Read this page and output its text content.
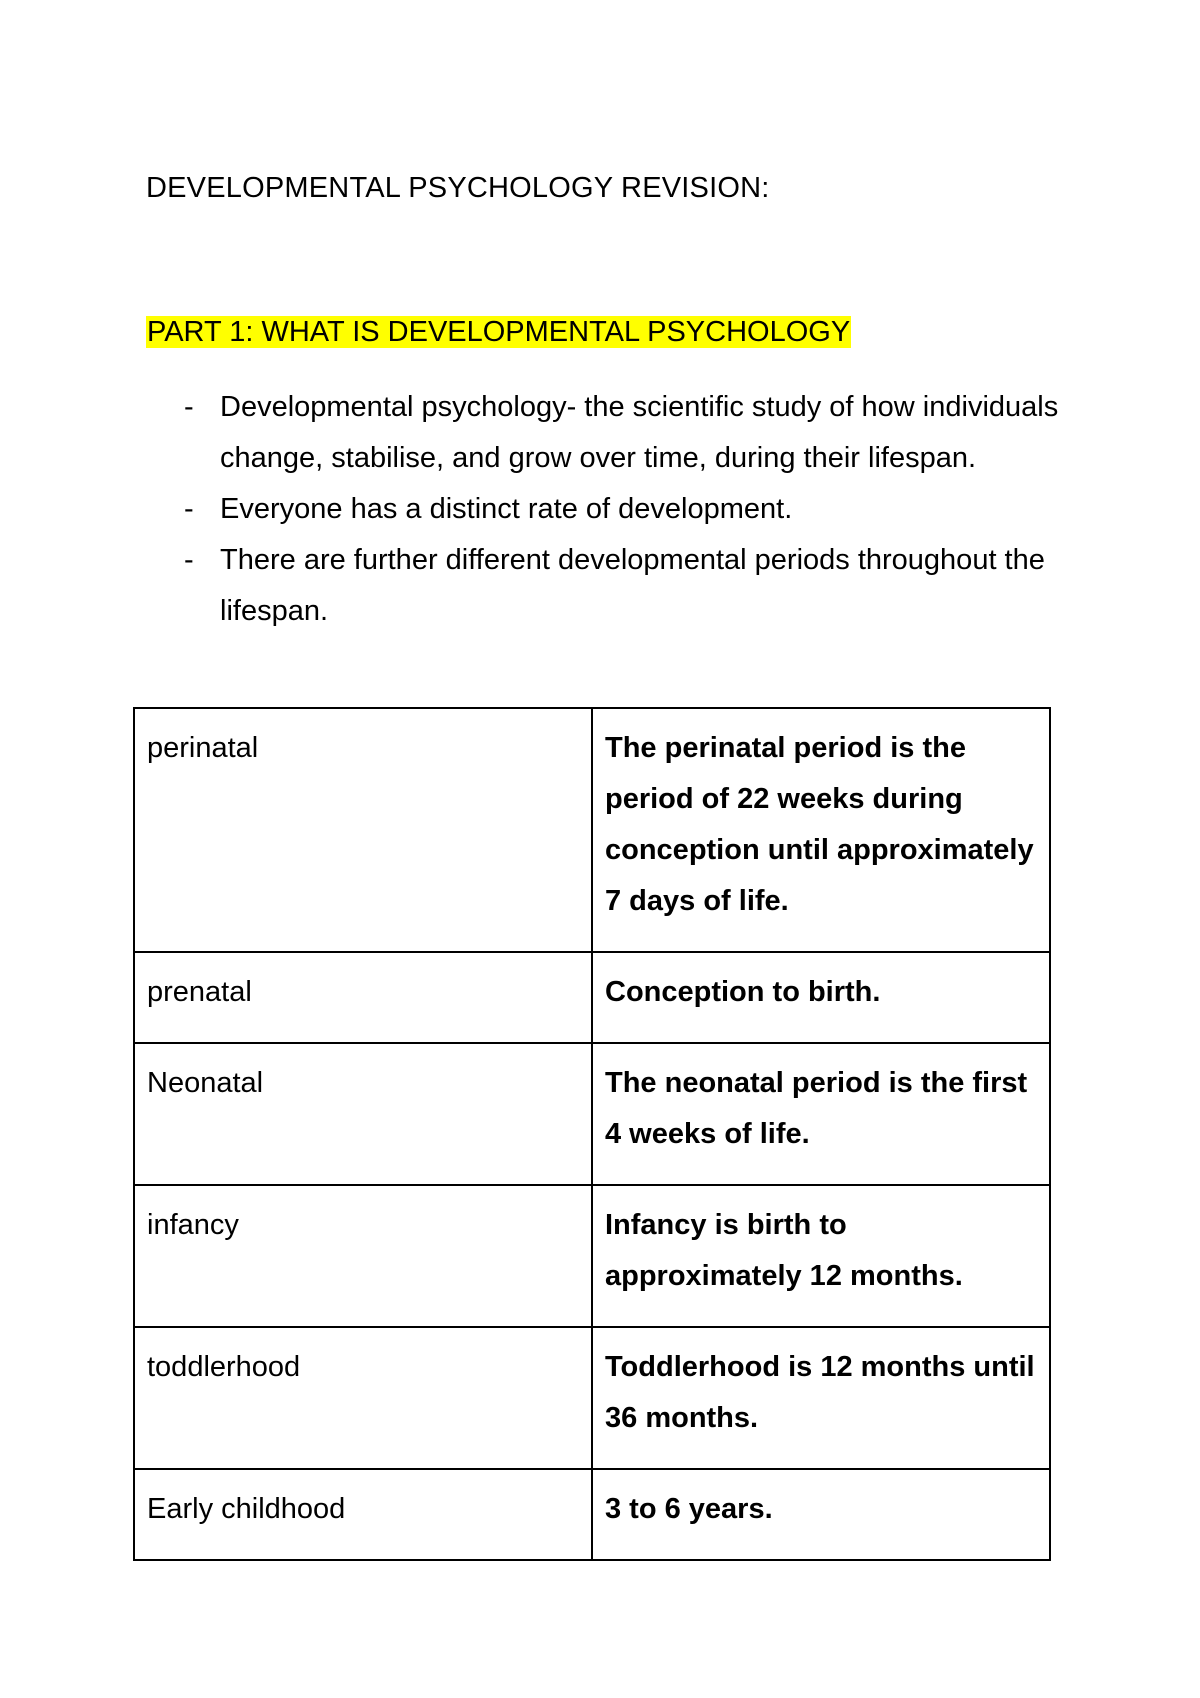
DEVELOPMENTAL PSYCHOLOGY REVISION:
PART 1: WHAT IS DEVELOPMENTAL PSYCHOLOGY
- Developmental psychology- the scientific study of how individuals change, stabilise, and grow over time, during their lifespan.
- Everyone has a distinct rate of development.
- There are further different developmental periods throughout the lifespan.
perinatal	The perinatal period is the period of 22 weeks during conception until approximately 7 days of life.
prenatal	Conception to birth.
Neonatal	The neonatal period is the first 4 weeks of life.
infancy	Infancy is birth to approximately 12 months.
toddlerhood	Toddlerhood is 12 months until 36 months.
Early childhood	3 to 6 years.
